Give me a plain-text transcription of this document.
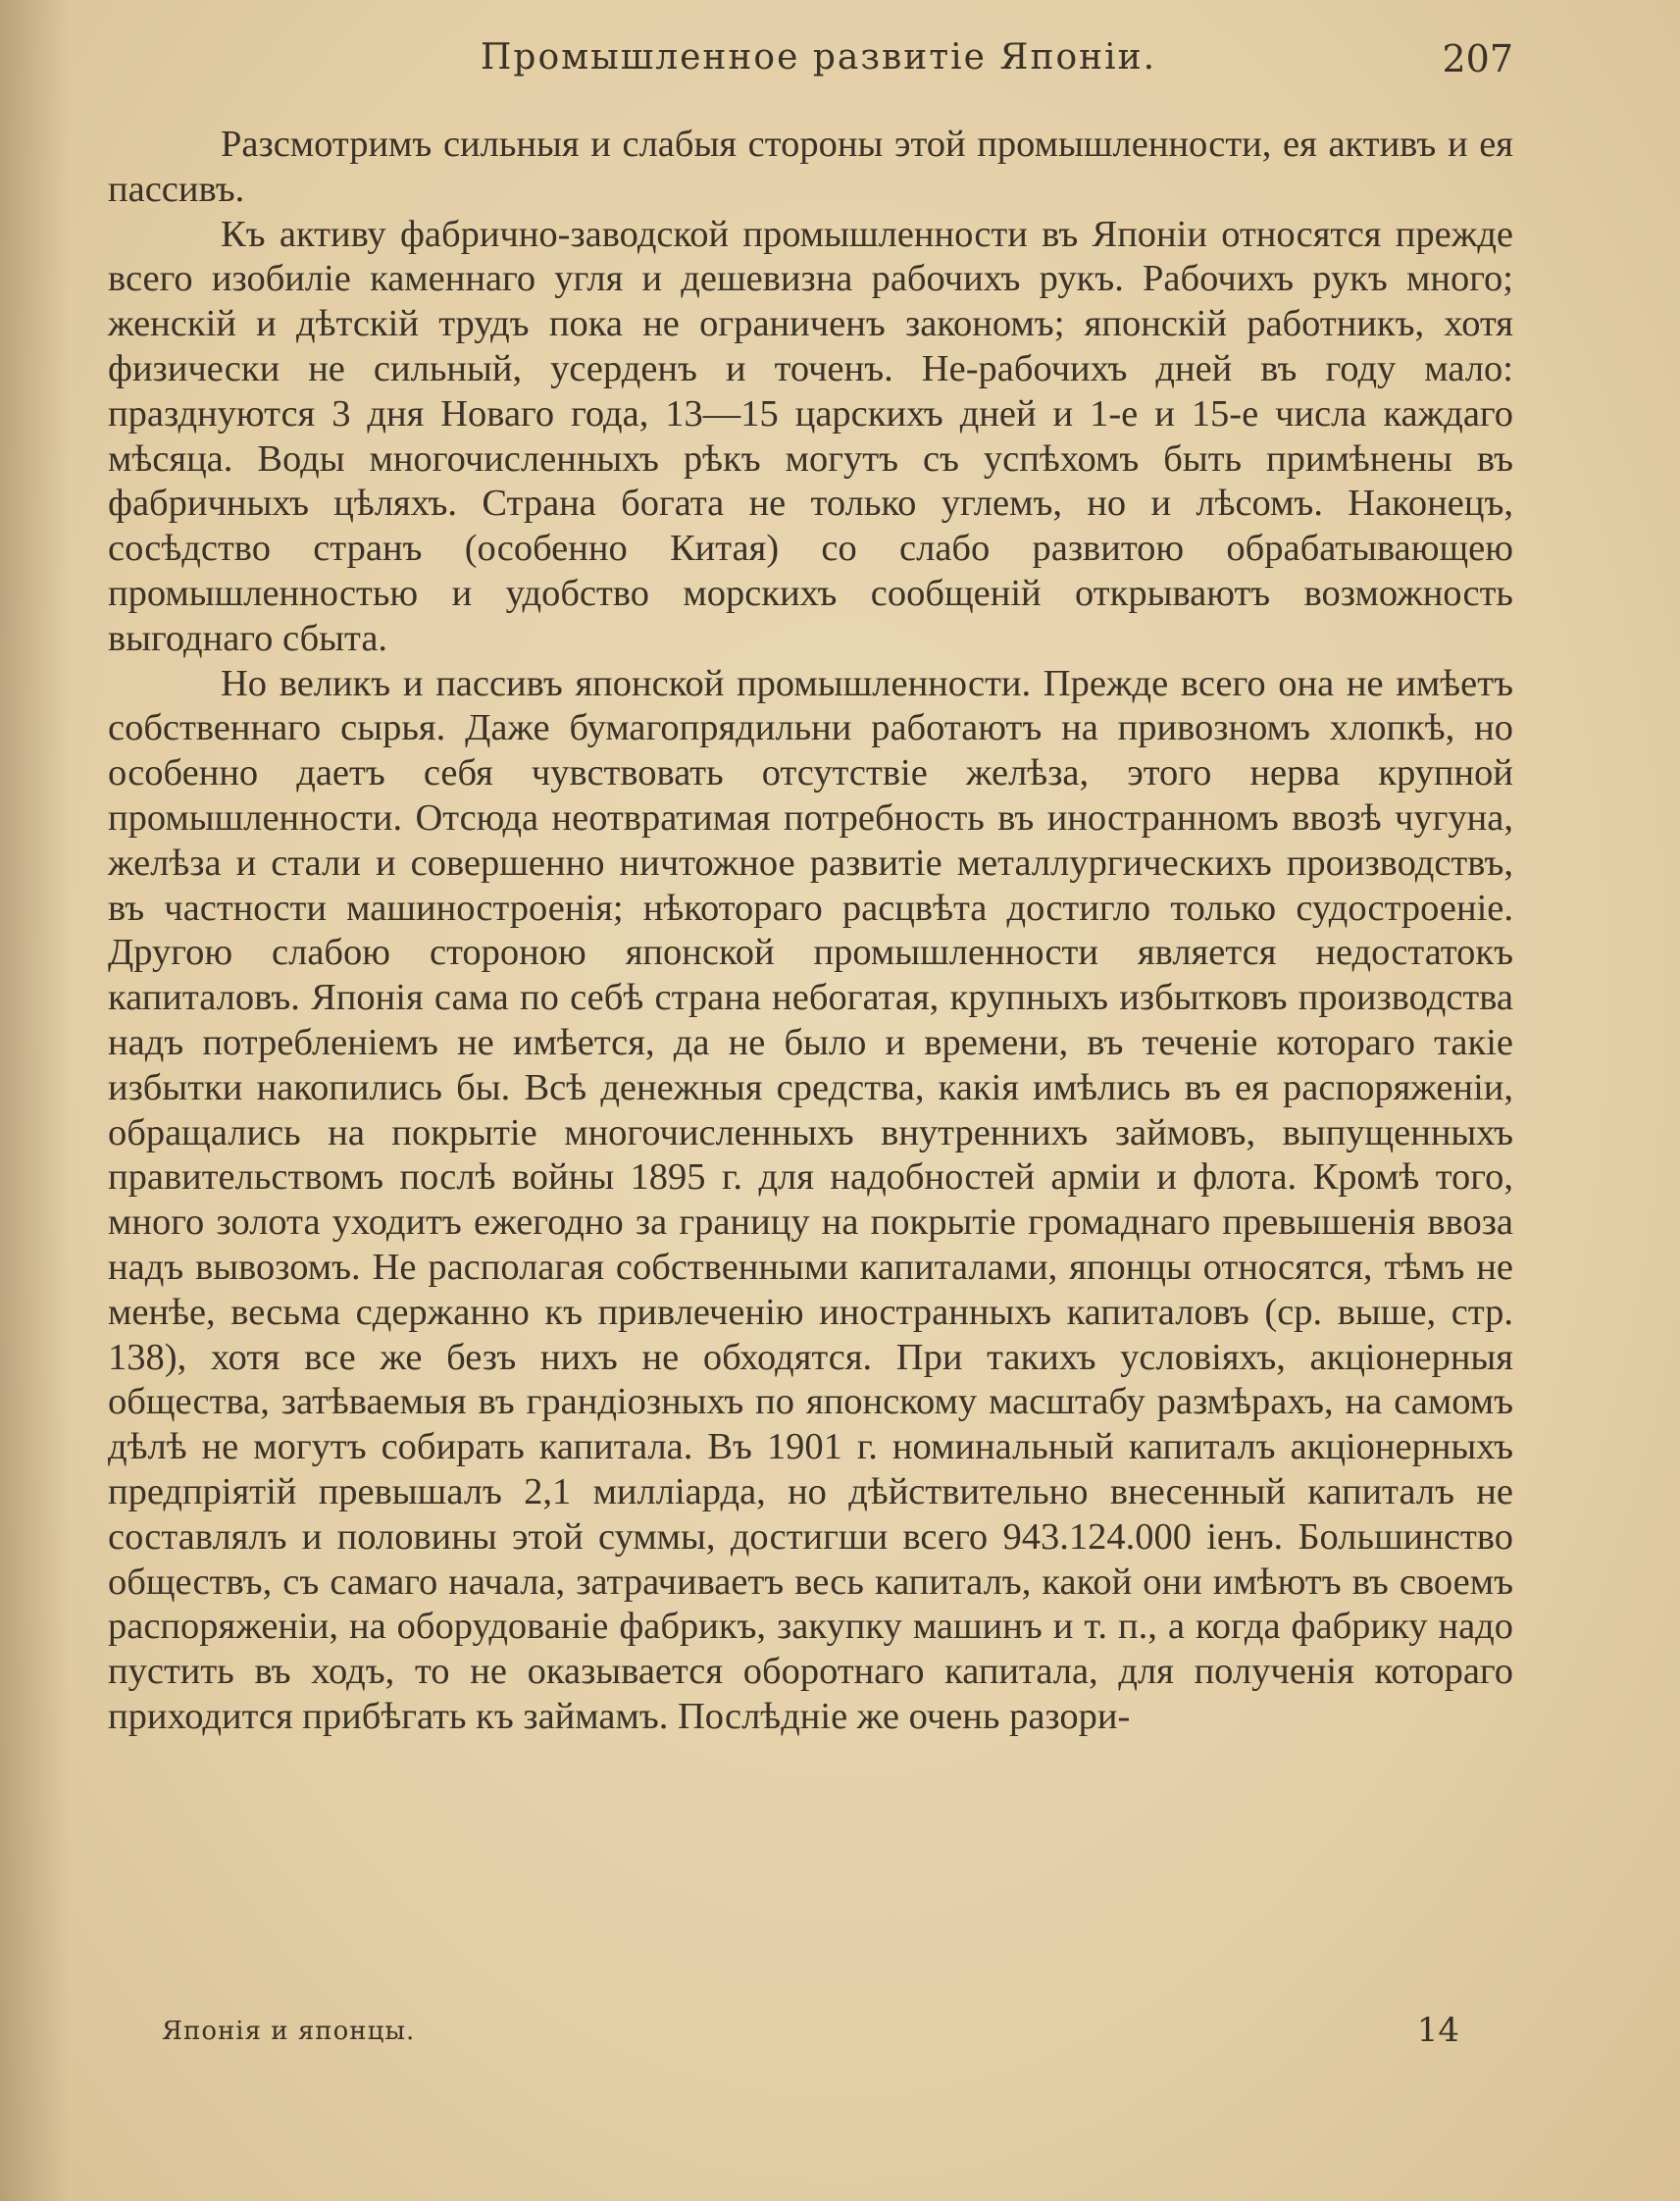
Промышленное развитіе Японіи.	207

Разсмотримъ сильныя и слабыя стороны этой промышленности, ея активъ и ея пассивъ.

Къ активу фабрично-заводской промышленности въ Японіи относятся прежде всего изобиліе каменнаго угля и дешевизна рабочихъ рукъ. Рабочихъ рукъ много; женскій и дѣтскій трудъ пока не ограниченъ закономъ; японскій работникъ, хотя физически не сильный, усерденъ и точенъ. Не-рабочихъ дней въ году мало: празднуются 3 дня Новаго года, 13—15 царскихъ дней и 1-е и 15-е числа каждаго мѣсяца. Воды многочисленныхъ рѣкъ могутъ съ успѣхомъ быть примѣнены въ фабричныхъ цѣляхъ. Страна богата не только углемъ, но и лѣсомъ. Наконецъ, сосѣдство странъ (особенно Китая) со слабо развитою обрабатывающею промышленностью и удобство морскихъ сообщеній открываютъ возможность выгоднаго сбыта.

Но великъ и пассивъ японской промышленности. Прежде всего она не имѣетъ собственнаго сырья. Даже бумагопрядильни работаютъ на привозномъ хлопкѣ, но особенно даетъ себя чувствовать отсутствіе желѣза, этого нерва крупной промышленности. Отсюда неотвратимая потребность въ иностранномъ ввозѣ чугуна, желѣза и стали и совершенно ничтожное развитіе металлургическихъ производствъ, въ частности машиностроенія; нѣкотораго расцвѣта достигло только судостроеніе. Другою слабою стороною японской промышленности является недостатокъ капиталовъ. Японія сама по себѣ страна небогатая, крупныхъ избытковъ производства надъ потребленіемъ не имѣется, да не было и времени, въ теченіе котораго такіе избытки накопились бы. Всѣ денежныя средства, какія имѣлись въ ея распоряженіи, обращались на покрытіе многочисленныхъ внутреннихъ займовъ, выпущенныхъ правительствомъ послѣ войны 1895 г. для надобностей арміи и флота. Кромѣ того, много золота уходитъ ежегодно за границу на покрытіе громаднаго превышенія ввоза надъ вывозомъ. Не располагая собственными капиталами, японцы относятся, тѣмъ не менѣе, весьма сдержанно къ привлеченію иностранныхъ капиталовъ (ср. выше, стр. 138), хотя все же безъ нихъ не обходятся. При такихъ условіяхъ, акціонерныя общества, затѣваемыя въ грандіозныхъ по японскому масштабу размѣрахъ, на самомъ дѣлѣ не могутъ собирать капитала. Въ 1901 г. номинальный капиталъ акціонерныхъ предпріятій превышалъ 2,1 милліарда, но дѣйствительно внесенный капиталъ не составлялъ и половины этой суммы, достигши всего 943.124.000 іенъ. Большинство обществъ, съ самаго начала, затрачиваетъ весь капиталъ, какой они имѣютъ въ своемъ распоряженіи, на оборудованіе фабрикъ, закупку машинъ и т. п., а когда фабрику надо пустить въ ходъ, то не оказывается оборотнаго капитала, для полученія котораго приходится прибѣгать къ займамъ. Послѣдніе же очень разори-

Японія и японцы.	14
